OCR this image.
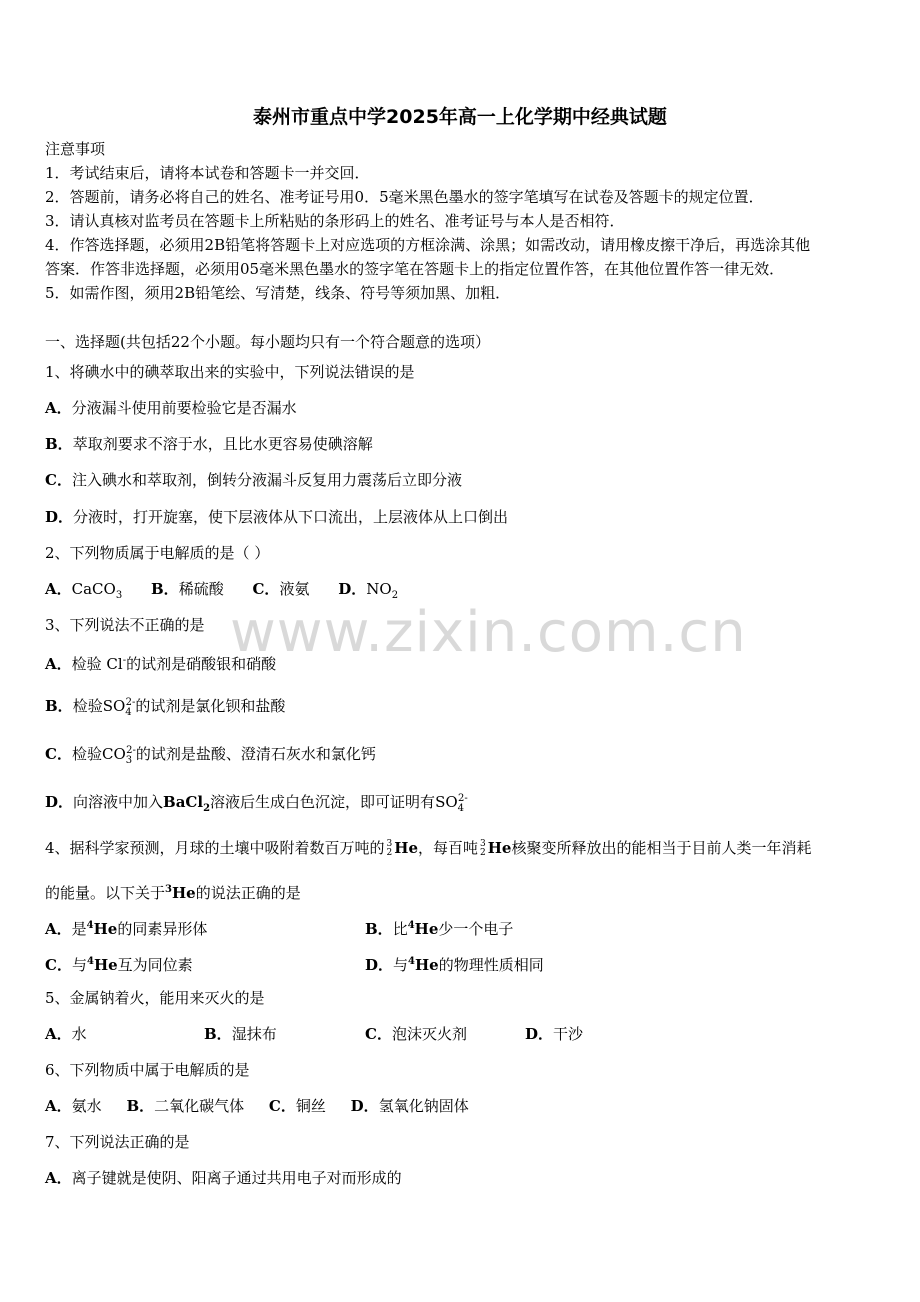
www.zixin.com.cn
泰州市重点中学2025年高一上化学期中经典试题
注意事项
1．考试结束后，请将本试卷和答题卡一并交回．
2．答题前，请务必将自己的姓名、准考证号用0．5毫米黑色墨水的签字笔填写在试卷及答题卡的规定位置．
3．请认真核对监考员在答题卡上所粘贴的条形码上的姓名、准考证号与本人是否相符．
4．作答选择题，必须用2B铅笔将答题卡上对应选项的方框涂满、涂黑；如需改动，请用橡皮擦干净后，再选涂其他
答案．作答非选择题，必须用05毫米黑色墨水的签字笔在答题卡上的指定位置作答，在其他位置作答一律无效．
5．如需作图，须用2B铅笔绘、写清楚，线条、符号等须加黑、加粗．
一、选择题(共包括22个小题。每小题均只有一个符合题意的选项）
1、将碘水中的碘萃取出来的实验中，下列说法错误的是
A．分液漏斗使用前要检验它是否漏水
B．萃取剂要求不溶于水，且比水更容易使碘溶解
C．注入碘水和萃取剂，倒转分液漏斗反复用力震荡后立即分液
D．分液时，打开旋塞，使下层液体从下口流出，上层液体从上口倒出
2、下列物质属于电解质的是（ ）
A．CaCO$_3$ B．稀硫酸 C．液氨 D．$NO_2$
3、下列说法不正确的是
A．检验 Cl-的试剂是硝酸银和硝酸
B．检验$SO_4^{2-}$的试剂是氯化钡和盐酸
C．检验$CO_3^{2-}$的试剂是盐酸、澄清石灰水和氯化钙
D．向溶液中加入BaCl$_2$溶液后生成白色沉淀，即可证明有$SO_4^{2-}$
4、据科学家预测，月球的土壤中吸附着数百万吨的 3
2 He，每百吨 3
2 He核聚变所释放出的能相当于目前人类一年消耗
的能量。以下关于$^3$He的说法正确的是
A．是$^4$He的同素异形体	B．比$^4$He少一个电子
C．与$^4$He互为同位素	D．与$^4$He的物理性质相同
5、金属钠着火，能用来灭火的是
A．水	B．湿抹布	C．泡沫灭火剂	D．干沙
6、下列物质中属于电解质的是
A．氨水 B．二氧化碳气体 C．铜丝 D．氢氧化钠固体
7、下列说法正确的是
A．离子键就是使阴、阳离子通过共用电子对而形成的
